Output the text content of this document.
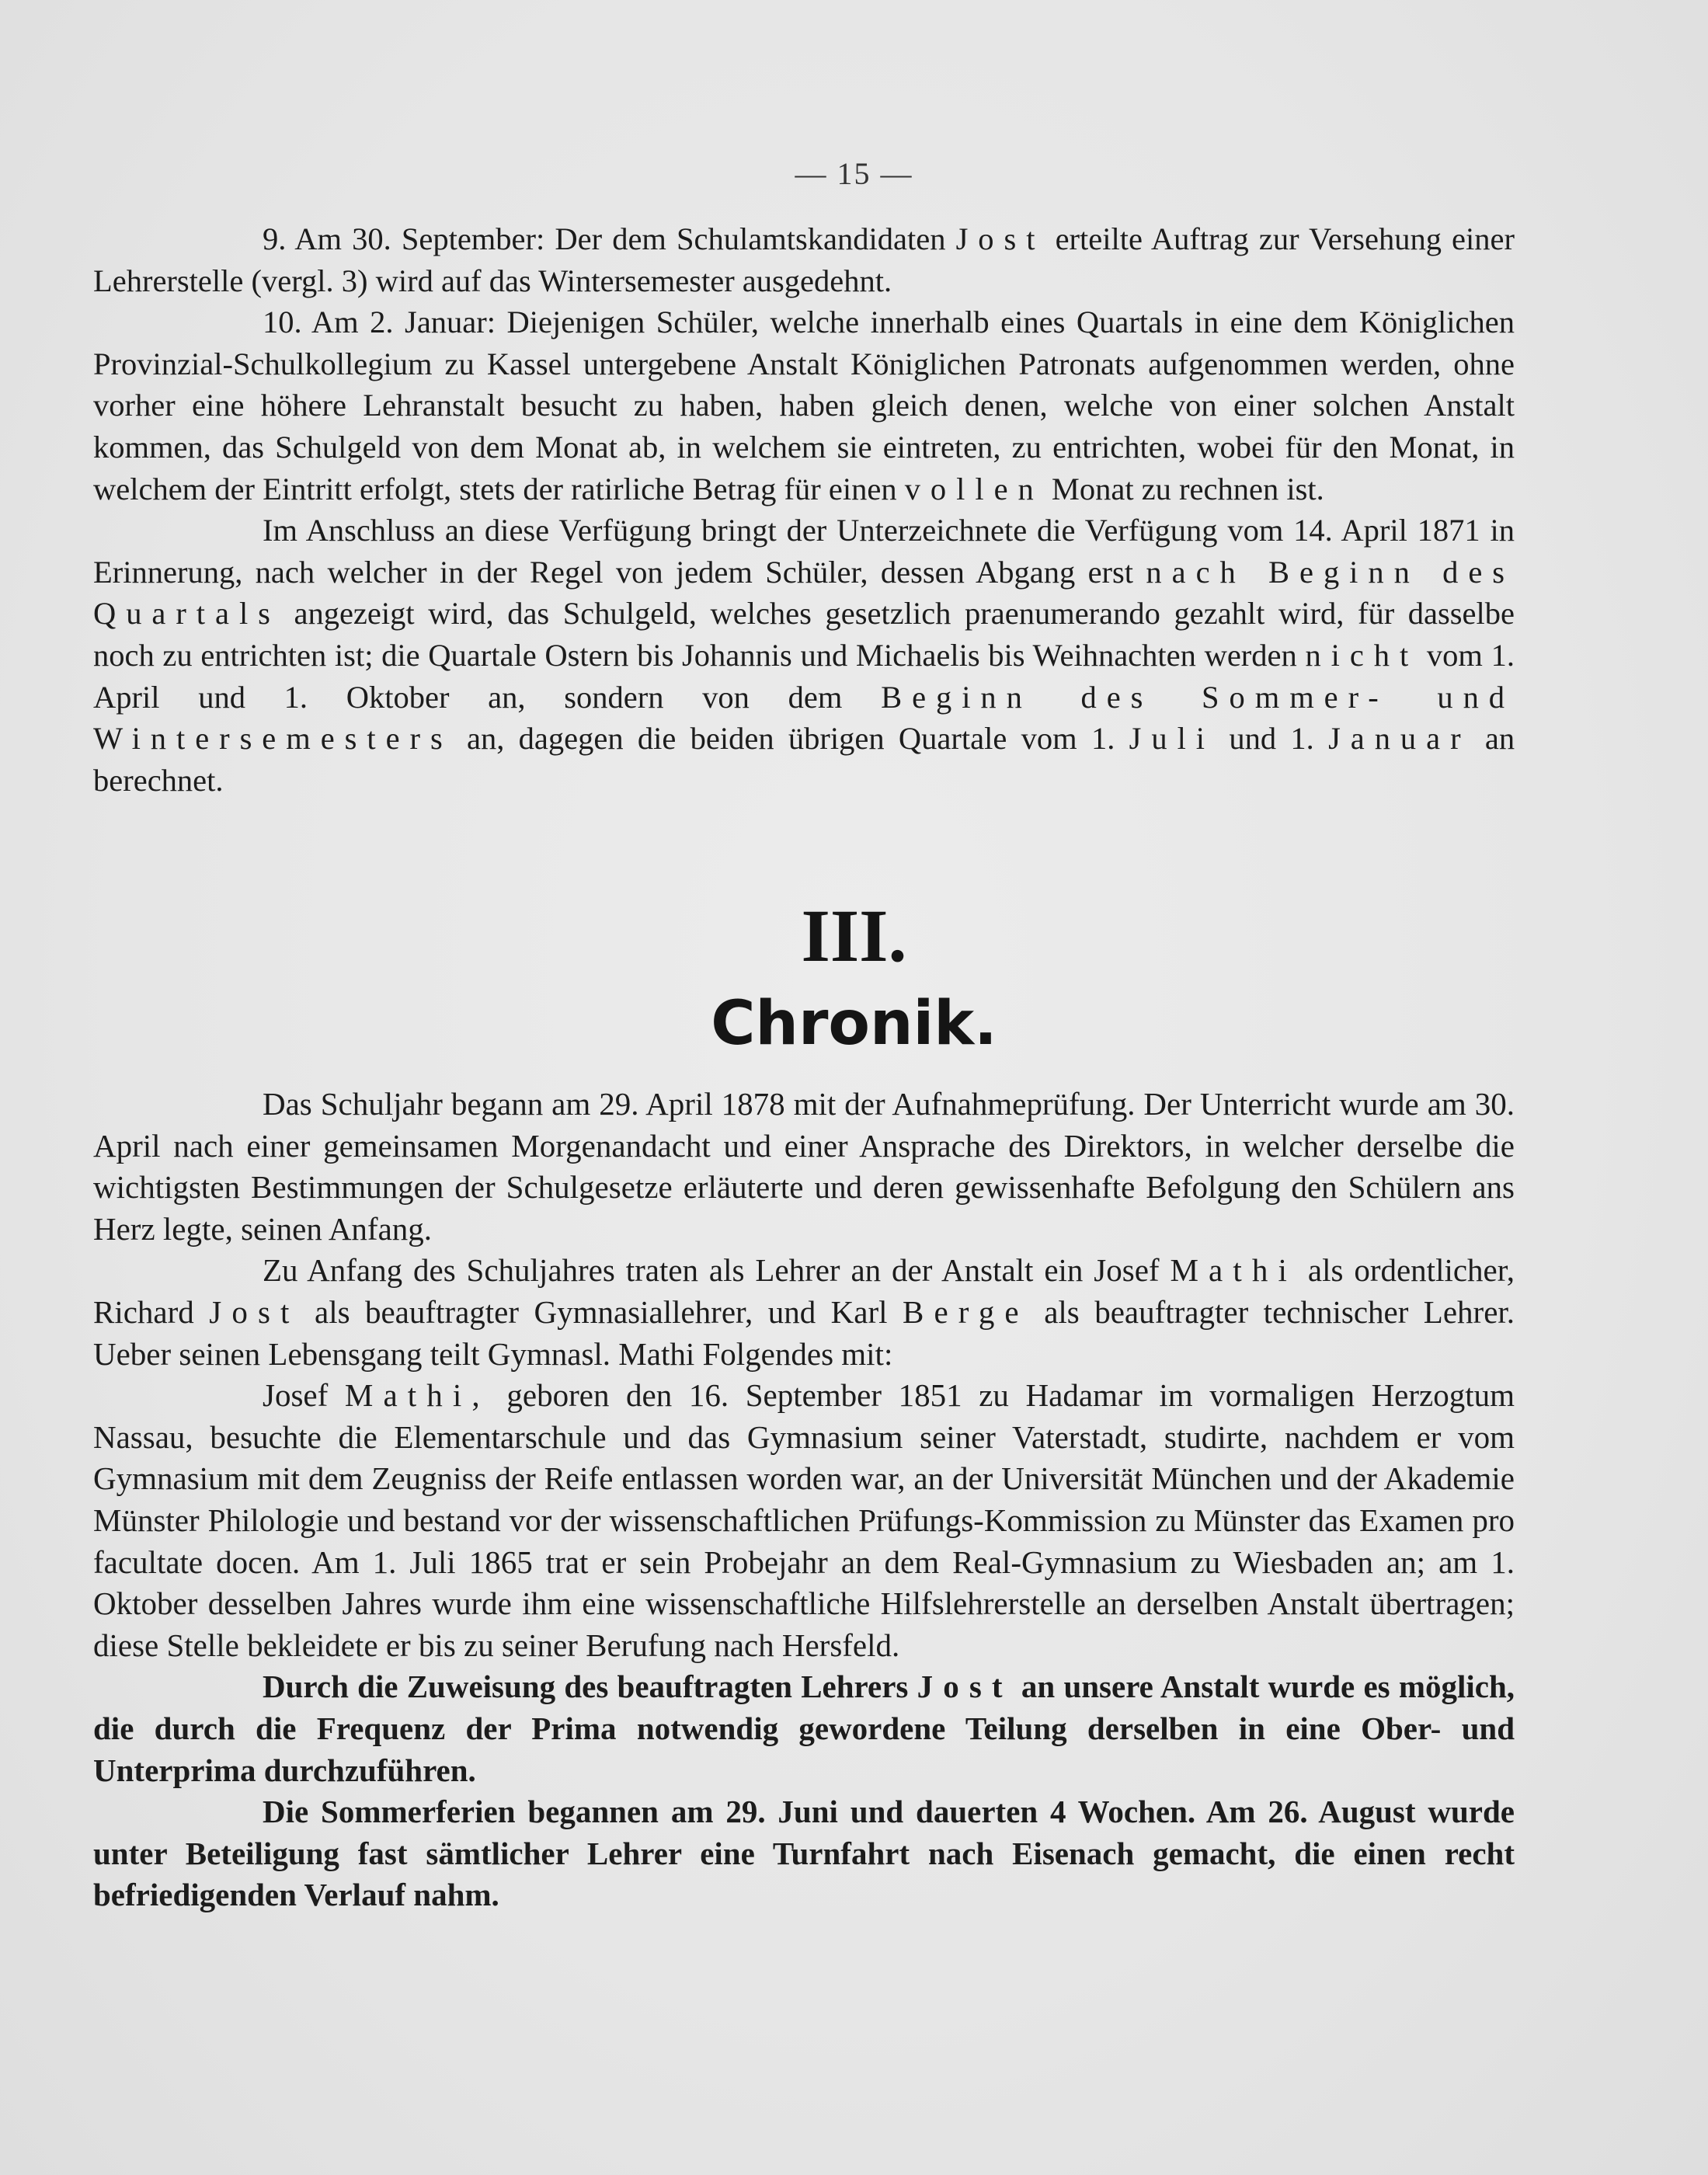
— 15 —

9. Am 30. September: Der dem Schulamtskandidaten Jost erteilte Auftrag zur Versehung einer Lehrerstelle (vergl. 3) wird auf das Wintersemester ausgedehnt.

10. Am 2. Januar: Diejenigen Schüler, welche innerhalb eines Quartals in eine dem Königlichen Provinzial-Schulkollegium zu Kassel untergebene Anstalt Königlichen Patronats aufgenommen werden, ohne vorher eine höhere Lehranstalt besucht zu haben, haben gleich denen, welche von einer solchen Anstalt kommen, das Schulgeld von dem Monat ab, in welchem sie eintreten, zu entrichten, wobei für den Monat, in welchem der Eintritt erfolgt, stets der ratirliche Betrag für einen vollen Monat zu rechnen ist.

Im Anschluss an diese Verfügung bringt der Unterzeichnete die Verfügung vom 14. April 1871 in Erinnerung, nach welcher in der Regel von jedem Schüler, dessen Abgang erst nach Beginn des Quartals angezeigt wird, das Schulgeld, welches gesetzlich praenumerando gezahlt wird, für dasselbe noch zu entrichten ist; die Quartale Ostern bis Johannis und Michaelis bis Weihnachten werden nicht vom 1. April und 1. Oktober an, sondern von dem Beginn des Sommer- und Wintersemesters an, dagegen die beiden übrigen Quartale vom 1. Juli und 1. Januar an berechnet.

III.
Chronik.

Das Schuljahr begann am 29. April 1878 mit der Aufnahmeprüfung. Der Unterricht wurde am 30. April nach einer gemeinsamen Morgenandacht und einer Ansprache des Direktors, in welcher derselbe die wichtigsten Bestimmungen der Schulgesetze erläuterte und deren gewissenhafte Befolgung den Schülern ans Herz legte, seinen Anfang.

Zu Anfang des Schuljahres traten als Lehrer an der Anstalt ein Josef Mathi als ordentlicher, Richard Jost als beauftragter Gymnasiallehrer, und Karl Berge als beauftragter technischer Lehrer. Ueber seinen Lebensgang teilt Gymnasl. Mathi Folgendes mit:

Josef Mathi, geboren den 16. September 1851 zu Hadamar im vormaligen Herzogtum Nassau, besuchte die Elementarschule und das Gymnasium seiner Vaterstadt, studirte, nachdem er vom Gymnasium mit dem Zeugniss der Reife entlassen worden war, an der Universität München und der Akademie Münster Philologie und bestand vor der wissenschaftlichen Prüfungs-Kommission zu Münster das Examen pro facultate docen. Am 1. Juli 1865 trat er sein Probejahr an dem Real-Gymnasium zu Wiesbaden an; am 1. Oktober desselben Jahres wurde ihm eine wissenschaftliche Hilfslehrerstelle an derselben Anstalt übertragen; diese Stelle bekleidete er bis zu seiner Berufung nach Hersfeld.

Durch die Zuweisung des beauftragten Lehrers Jost an unsere Anstalt wurde es möglich, die durch die Frequenz der Prima notwendig gewordene Teilung derselben in eine Ober- und Unterprima durchzuführen.

Die Sommerferien begannen am 29. Juni und dauerten 4 Wochen. Am 26. August wurde unter Beteiligung fast sämtlicher Lehrer eine Turnfahrt nach Eisenach gemacht, die einen recht befriedigenden Verlauf nahm.
